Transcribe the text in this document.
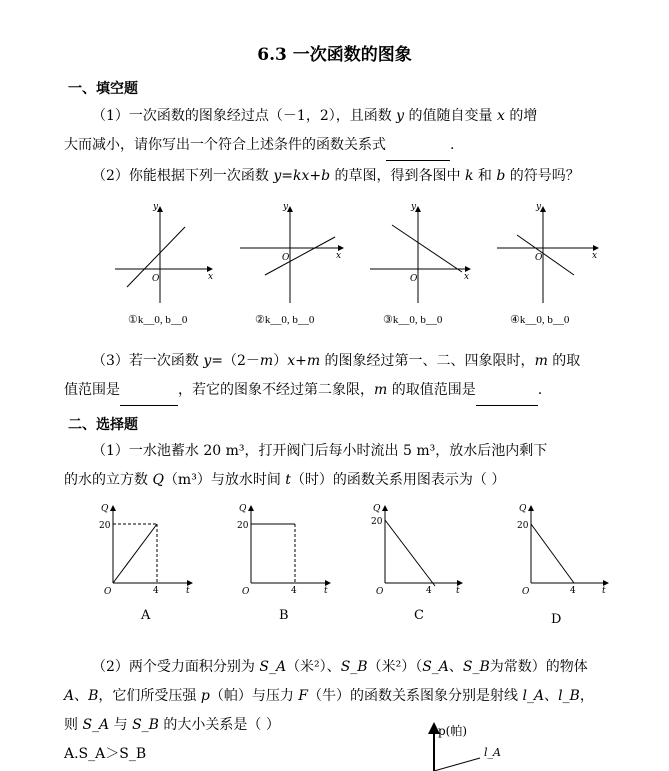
6.3 一次函数的图象
一、填空题
（1）一次函数的图象经过点（－1，2），且函数 y 的值随自变量 x 的增
大而减小，请你写出一个符合上述条件的函数关系式	.
（2）你能根据下列一次函数 y=kx+b 的草图，得到各图中 k 和 b 的符号吗？
x
y
O
x
y
O
x
y
O
x
y
O
①k__0, b__0	②k__0, b__0	③k__0, b__0	④k__0, b__0
（3）若一次函数 y=（2－m）x+m 的图象经过第一、二、四象限时，m 的取
值范围是	，若它的图象不经过第二象限，m 的取值范围是	.
二、选择题
（1）一水池蓄水 20 m³，打开阀门后每小时流出 5 m³，放水后池内剩下
的水的立方数 Q（m³）与放水时间 t（时）的函数关系用图表示为（ ）
Q
20
4	t
O
Q
20
4	t
O
Q
20
4	t
O
Q
20
4	t
O
A	B	C	D
（2）两个受力面积分别为 S_A（米²）、S_B（米²）（S_A、S_B为常数）的物体
A、B，它们所受压强 p（帕）与压力 F（牛）的函数关系图象分别是射线 l_A、l_B，
则 S_A 与 S_B 的大小关系是（ ）
A.S_A＞S_B
p(帕)
l_A
